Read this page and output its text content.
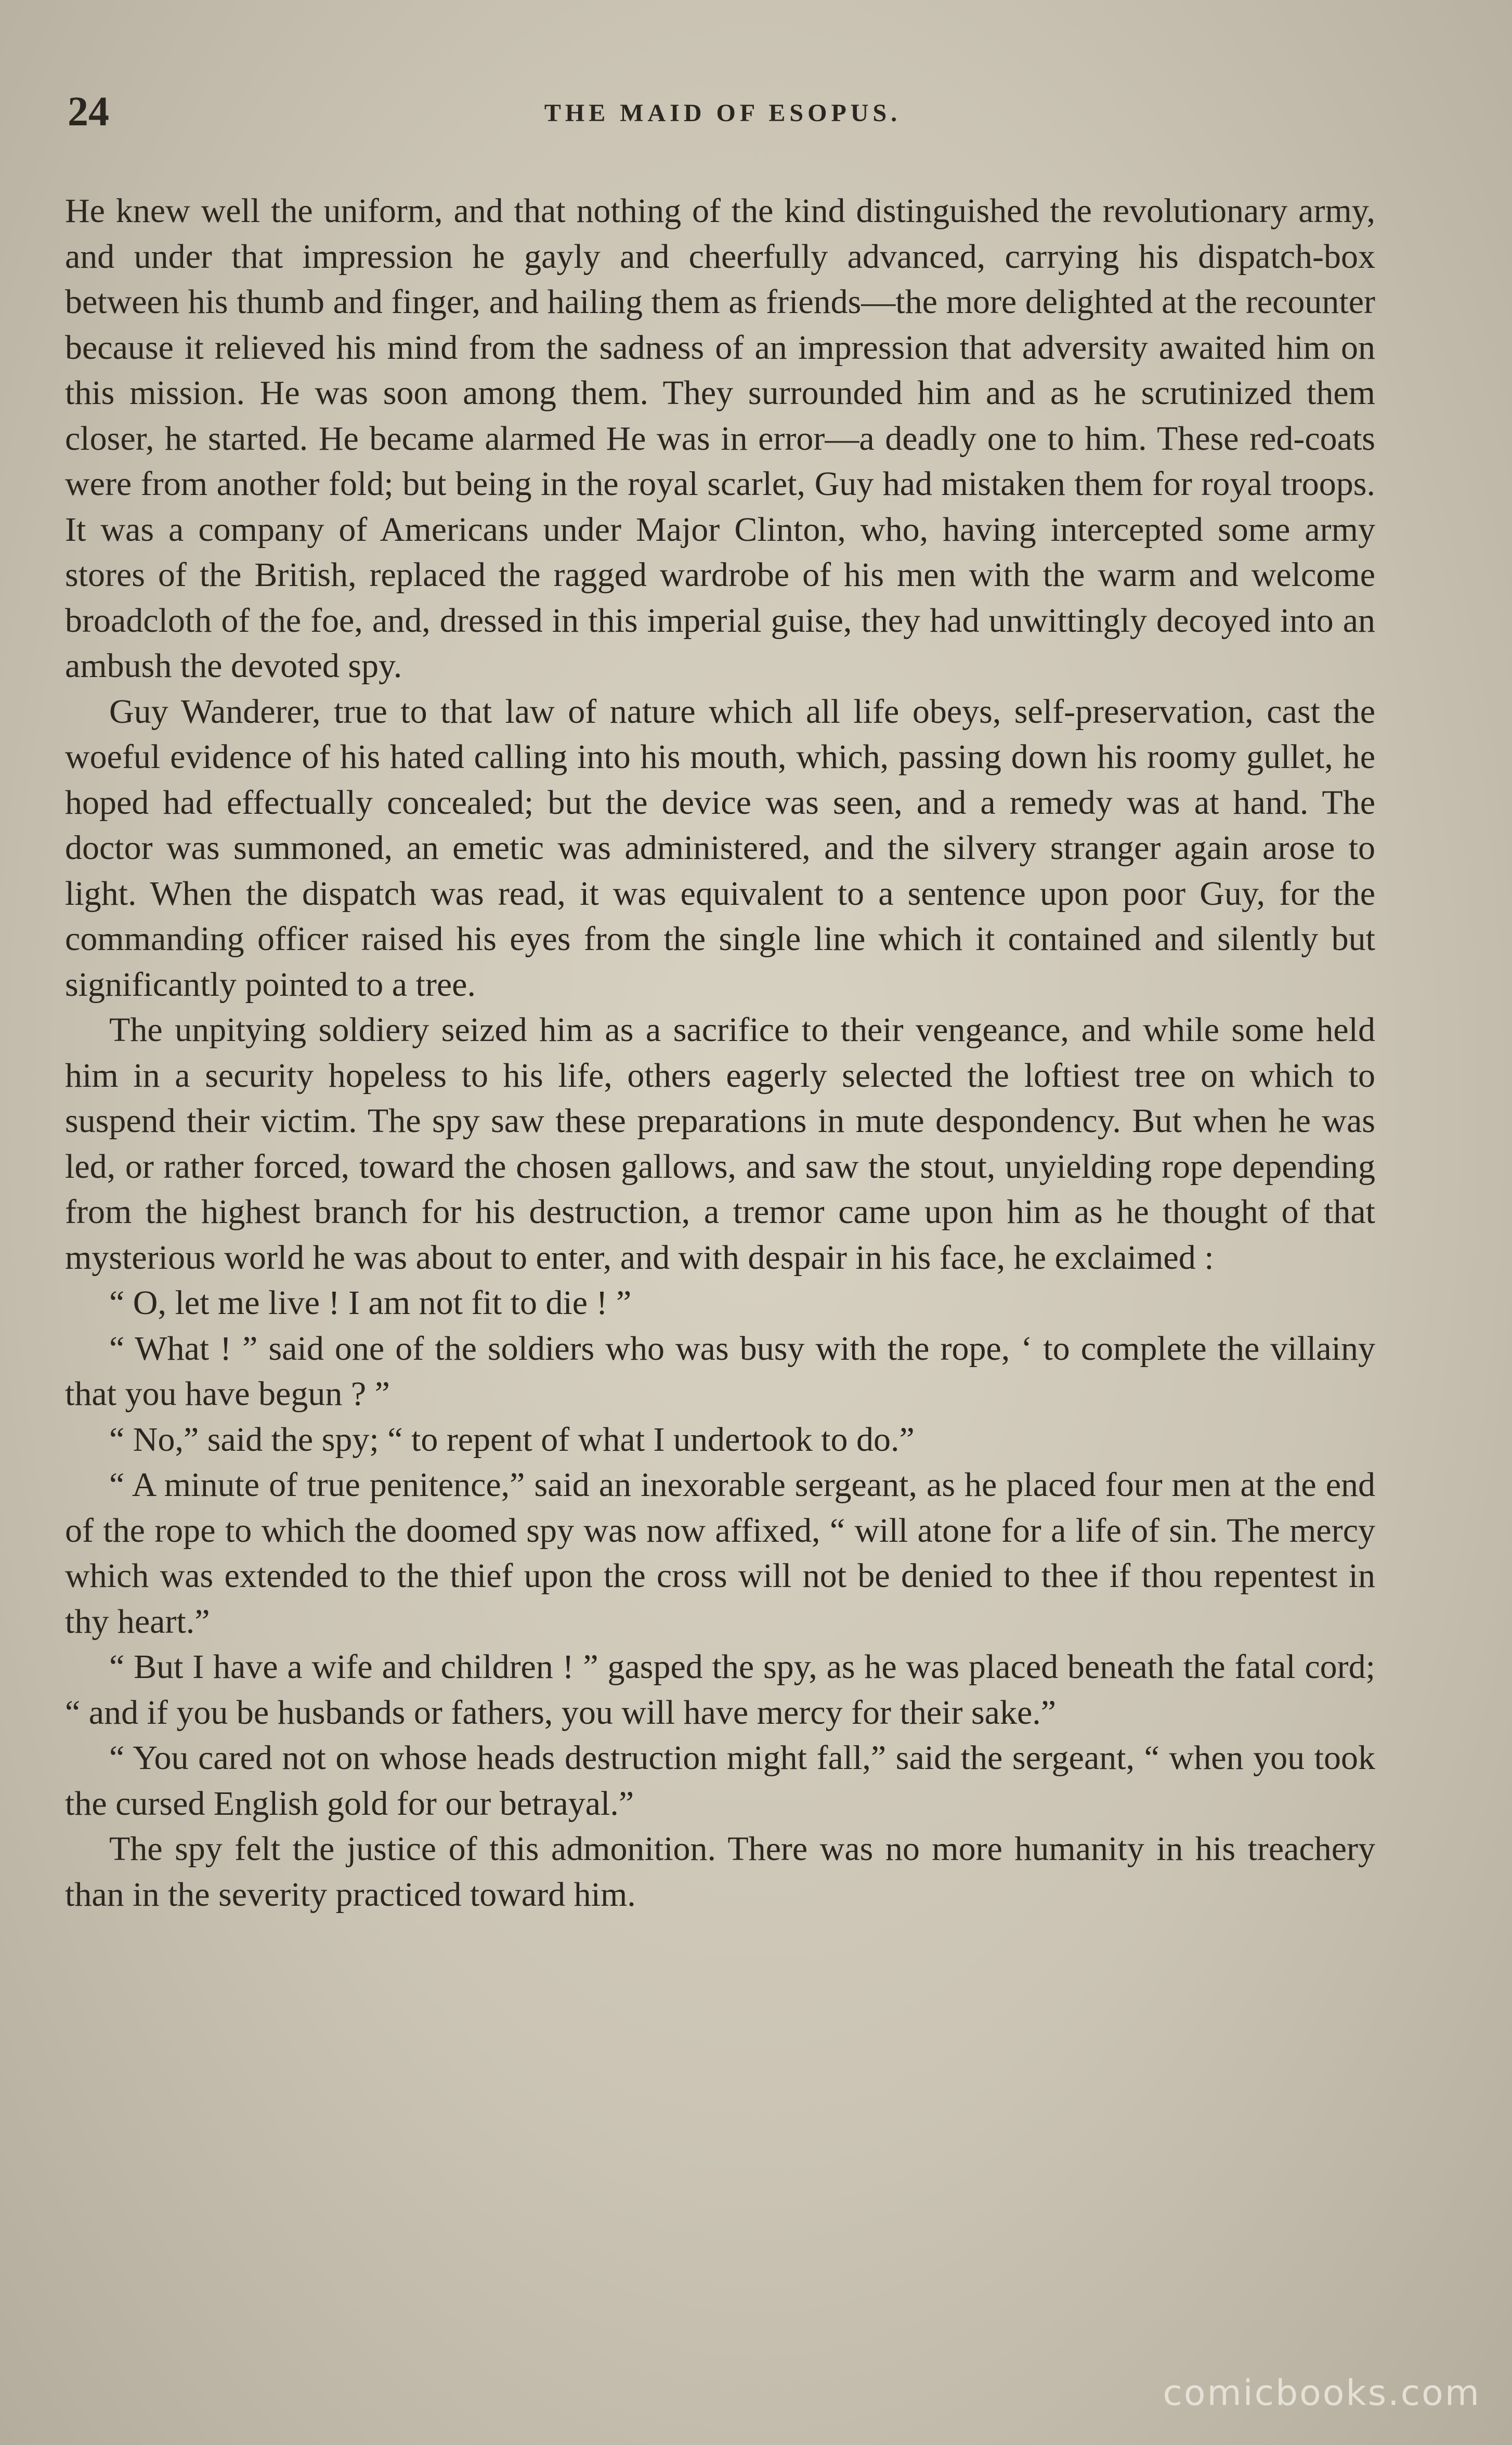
24	THE MAID OF ESOPUS.

He knew well the uniform, and that nothing of the kind distinguished the revolutionary army, and under that impression he gayly and cheerfully advanced, carrying his dispatch-box between his thumb and finger, and hailing them as friends—the more delighted at the recounter because it relieved his mind from the sadness of an impression that adversity awaited him on this mission. He was soon among them. They surrounded him and as he scrutinized them closer, he started. He became alarmed He was in error—a deadly one to him. These red-coats were from another fold; but being in the royal scarlet, Guy had mistaken them for royal troops. It was a company of Americans under Major Clinton, who, having intercepted some army stores of the British, replaced the ragged wardrobe of his men with the warm and welcome broadcloth of the foe, and, dressed in this imperial guise, they had unwittingly decoyed into an ambush the devoted spy.

Guy Wanderer, true to that law of nature which all life obeys, self-preservation, cast the woeful evidence of his hated calling into his mouth, which, passing down his roomy gullet, he hoped had effectually concealed; but the device was seen, and a remedy was at hand. The doctor was summoned, an emetic was administered, and the silvery stranger again arose to light. When the dispatch was read, it was equivalent to a sentence upon poor Guy, for the commanding officer raised his eyes from the single line which it contained and silently but significantly pointed to a tree.

The unpitying soldiery seized him as a sacrifice to their vengeance, and while some held him in a security hopeless to his life, others eagerly selected the loftiest tree on which to suspend their victim. The spy saw these preparations in mute despondency. But when he was led, or rather forced, toward the chosen gallows, and saw the stout, unyielding rope depending from the highest branch for his destruction, a tremor came upon him as he thought of that mysterious world he was about to enter, and with despair in his face, he exclaimed :

“ O, let me live ! I am not fit to die ! ”

“ What ! ” said one of the soldiers who was busy with the rope, ‘ to complete the villainy that you have begun ? ”

“ No,” said the spy; “ to repent of what I undertook to do.”

“ A minute of true penitence,” said an inexorable sergeant, as he placed four men at the end of the rope to which the doomed spy was now affixed, “ will atone for a life of sin. The mercy which was extended to the thief upon the cross will not be denied to thee if thou repentest in thy heart.”

“ But I have a wife and children ! ” gasped the spy, as he was placed beneath the fatal cord; “ and if you be husbands or fathers, you will have mercy for their sake.”

“ You cared not on whose heads destruction might fall,” said the sergeant, “ when you took the cursed English gold for our betrayal.”

The spy felt the justice of this admonition. There was no more humanity in his treachery than in the severity practiced toward him.

comicbooks.com
